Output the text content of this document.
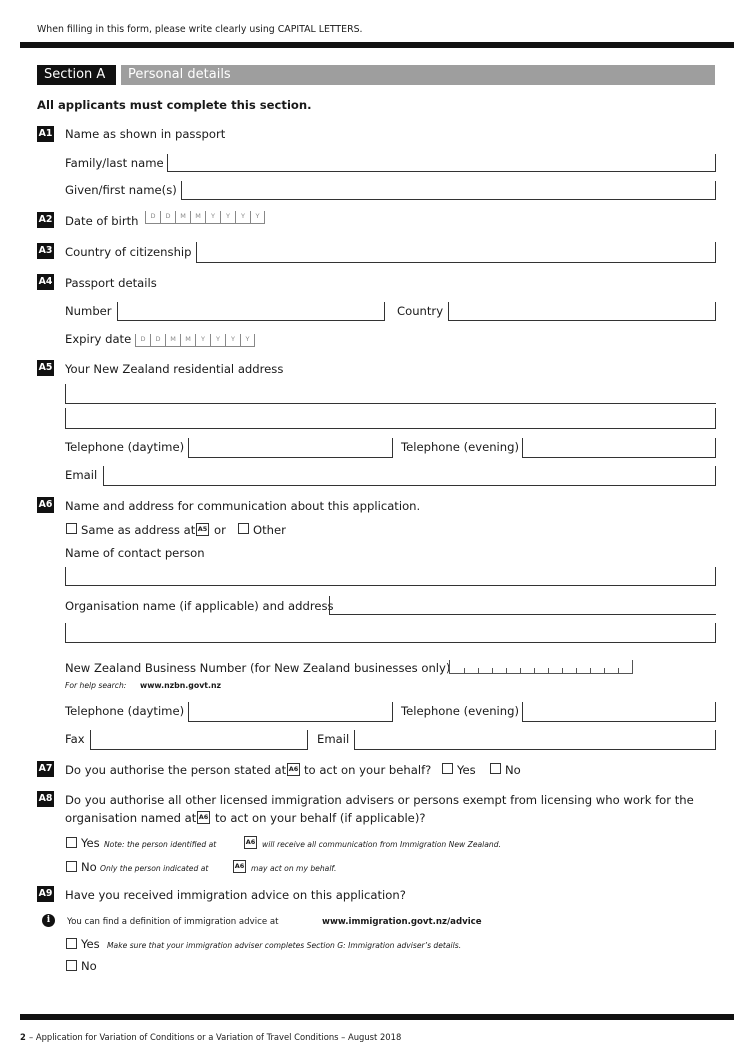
When filling in this form, please write clearly using CAPITAL LETTERS.
Section A	Personal details
All applicants must complete this section.
A1 Name as shown in passport
Family/last name
Given/first name(s)
A2 Date of birth	D	D	M	M	Y	Y	Y	Y
A3 Country of citizenship
A4 Passport details
Number	Country
Expiry date	D	D	M	M	Y	Y	Y	Y
A5 Your New Zealand residential address
Telephone (daytime)	Telephone (evening)
Email
A6 Name and address for communication about this application.
Same as address at A5 or Other
Name of contact person
Organisation name (if applicable) and address
New Zealand Business Number (for New Zealand businesses only)
For help search: www.nzbn.govt.nz
Telephone (daytime)	Telephone (evening)
Fax	Email
A7 Do you authorise the person stated at A6 to act on your behalf? Yes	No
A8 Do you authorise all other licensed immigration advisers or persons exempt from licensing who work for the
organisation named at A6 to act on your behalf (if applicable)?
Yes Note: the person identified at	A6 will receive all communication from Immigration New Zealand.
No Only the person indicated at	A6 may act on my behalf.
A9 Have you received immigration advice on this application?
i	You can find a definition of immigration advice at	www.immigration.govt.nz/advice
Yes Make sure that your immigration adviser completes Section G: Immigration adviser’s details.
No
2 – Application for Variation of Conditions or a Variation of Travel Conditions – August 2018
